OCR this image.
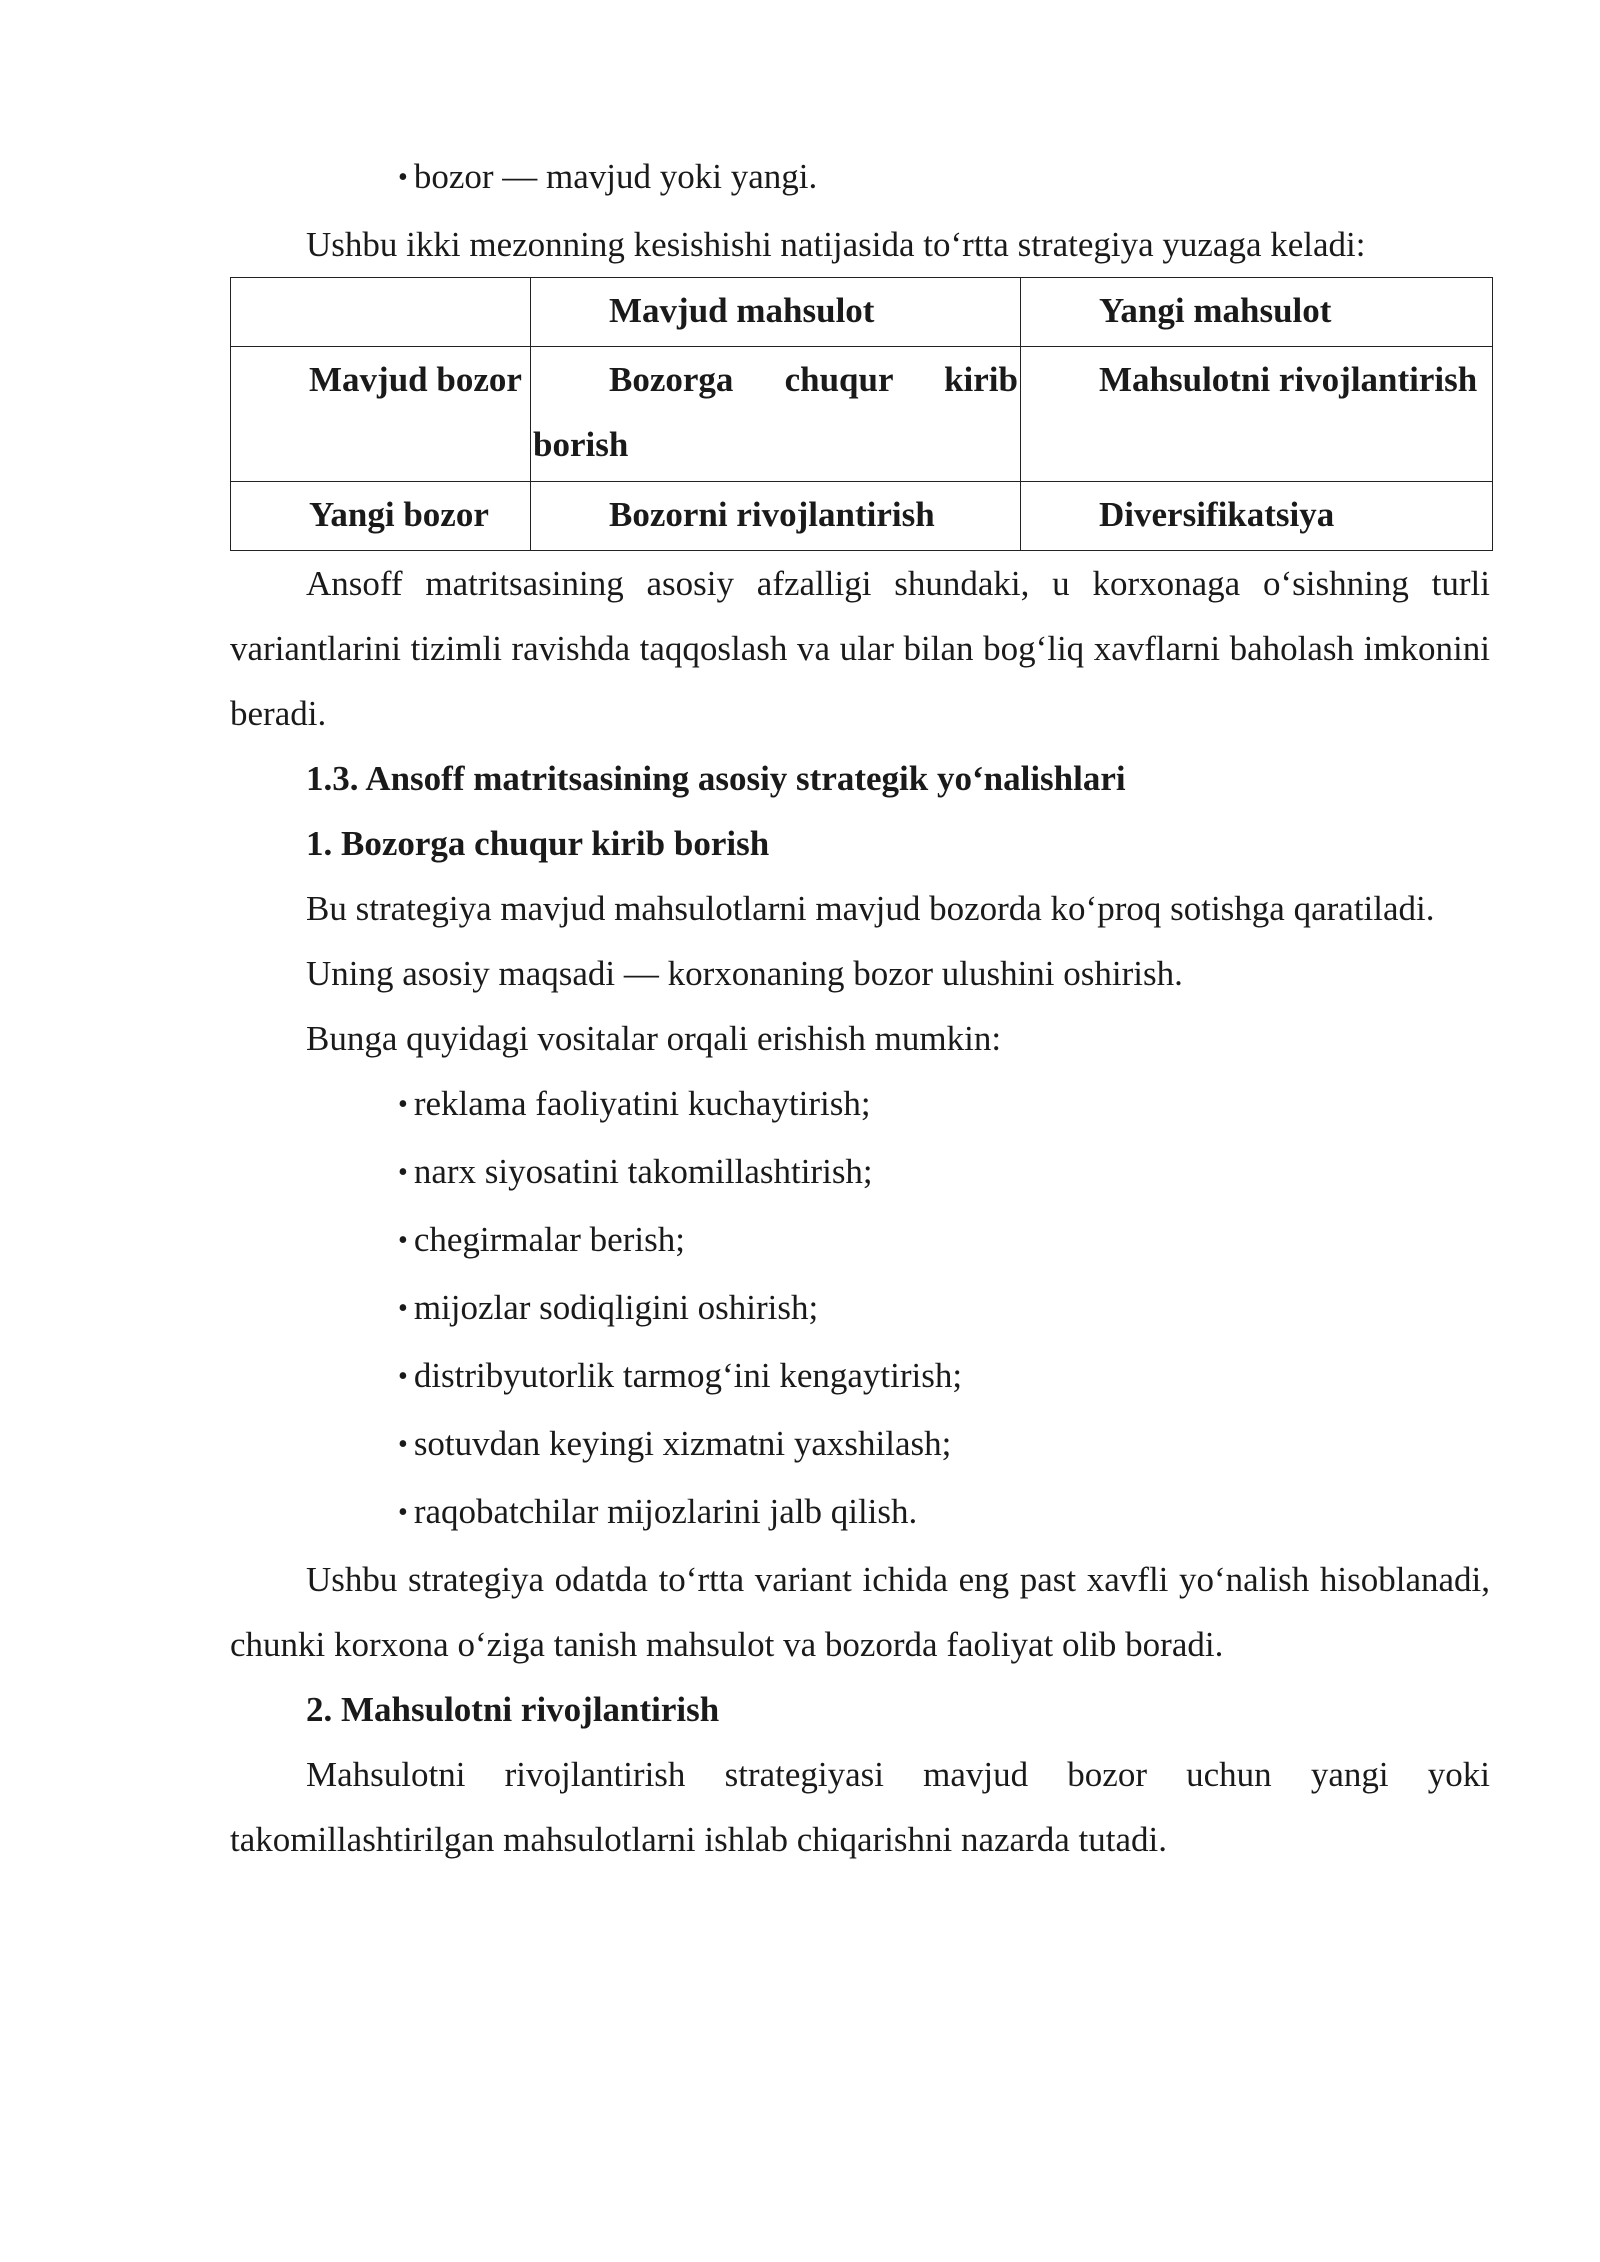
• bozor — mavjud yoki yangi.

Ushbu ikki mezonning kesishishi natijasida to‘rtta strategiya yuzaga keladi:

	Mavjud mahsulot	Yangi mahsulot

Mavjud bozor	Bozorga chuqur kirib borish	Mahsulotni rivojlantirish

Yangi bozor	Bozorni rivojlantirish	Diversifikatsiya

Ansoff matritsasining asosiy afzalligi shundaki, u korxonaga o‘sishning turli variantlarini tizimli ravishda taqqoslash va ular bilan bog‘liq xavflarni baholash imkonini beradi.

1.3. Ansoff matritsasining asosiy strategik yo‘nalishlari

1. Bozorga chuqur kirib borish

Bu strategiya mavjud mahsulotlarni mavjud bozorda ko‘proq sotishga qaratiladi.

Uning asosiy maqsadi — korxonaning bozor ulushini oshirish.

Bunga quyidagi vositalar orqali erishish mumkin:

• reklama faoliyatini kuchaytirish;

• narx siyosatini takomillashtirish;

• chegirmalar berish;

• mijozlar sodiqligini oshirish;

• distribyutorlik tarmog‘ini kengaytirish;

• sotuvdan keyingi xizmatni yaxshilash;

• raqobatchilar mijozlarini jalb qilish.

Ushbu strategiya odatda to‘rtta variant ichida eng past xavfli yo‘nalish hisoblanadi, chunki korxona o‘ziga tanish mahsulot va bozorda faoliyat olib boradi.

2. Mahsulotni rivojlantirish

Mahsulotni rivojlantirish strategiyasi mavjud bozor uchun yangi yoki takomillashtirilgan mahsulotlarni ishlab chiqarishni nazarda tutadi.
